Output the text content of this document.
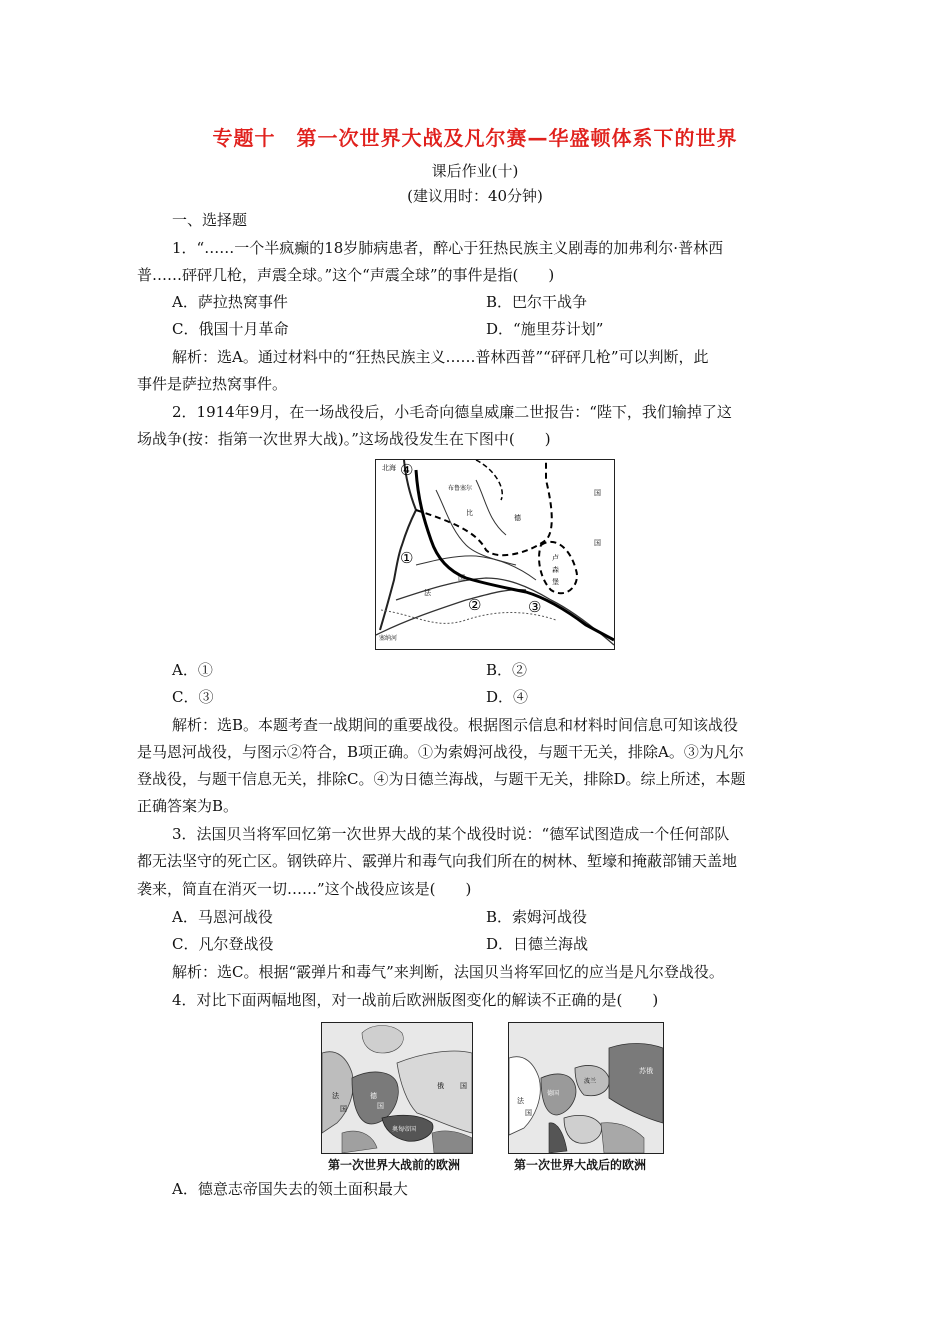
专题十　第一次世界大战及凡尔赛—华盛顿体系下的世界
课后作业(十)
(建议用时：40分钟)
一、选择题
1．“……一个半疯癫的18岁肺病患者，醉心于狂热民族主义剧毒的加弗利尔·普林西
普……砰砰几枪，声震全球。”这个“声震全球”的事件是指(　　)
A．萨拉热窝事件	B．巴尔干战争
C．俄国十月革命	D．“施里芬计划”
解析：选A。通过材料中的“狂热民族主义……普林西普”“砰砰几枪”可以判断，此
事件是萨拉热窝事件。
2．1914年9月，在一场战役后，小毛奇向德皇威廉二世报告：“陛下，我们输掉了这
场战争(按：指第一次世界大战)。”这场战役发生在下图中(　　)
北海
塞纳河
布鲁塞尔
比
德
国
卢
森
堡
国
法
国
④
①
②	③
A．①	B．②
C．③	D．④
解析：选B。本题考查一战期间的重要战役。根据图示信息和材料时间信息可知该战役
是马恩河战役，与图示②符合，B项正确。①为索姆河战役，与题干无关，排除A。③为凡尔
登战役，与题干信息无关，排除C。④为日德兰海战，与题干无关，排除D。综上所述，本题
正确答案为B。
3．法国贝当将军回忆第一次世界大战的某个战役时说：“德军试图造成一个任何部队
都无法坚守的死亡区。钢铁碎片、霰弹片和毒气向我们所在的树林、堑壕和掩蔽部铺天盖地
袭来，简直在消灭一切……”这个战役应该是(　　)
A．马恩河战役	B．索姆河战役
C．凡尔登战役	D．日德兰海战
解析：选C。根据“霰弹片和毒气”来判断，法国贝当将军回忆的应当是凡尔登战役。
4．对比下面两幅地图，对一战前后欧洲版图变化的解读不正确的是(　　)
德
国
俄 国
法
国
奥匈帝国
第一次世界大战前的欧洲
法
国
苏俄
德国
波兰
第一次世界大战后的欧洲
A．德意志帝国失去的领土面积最大
